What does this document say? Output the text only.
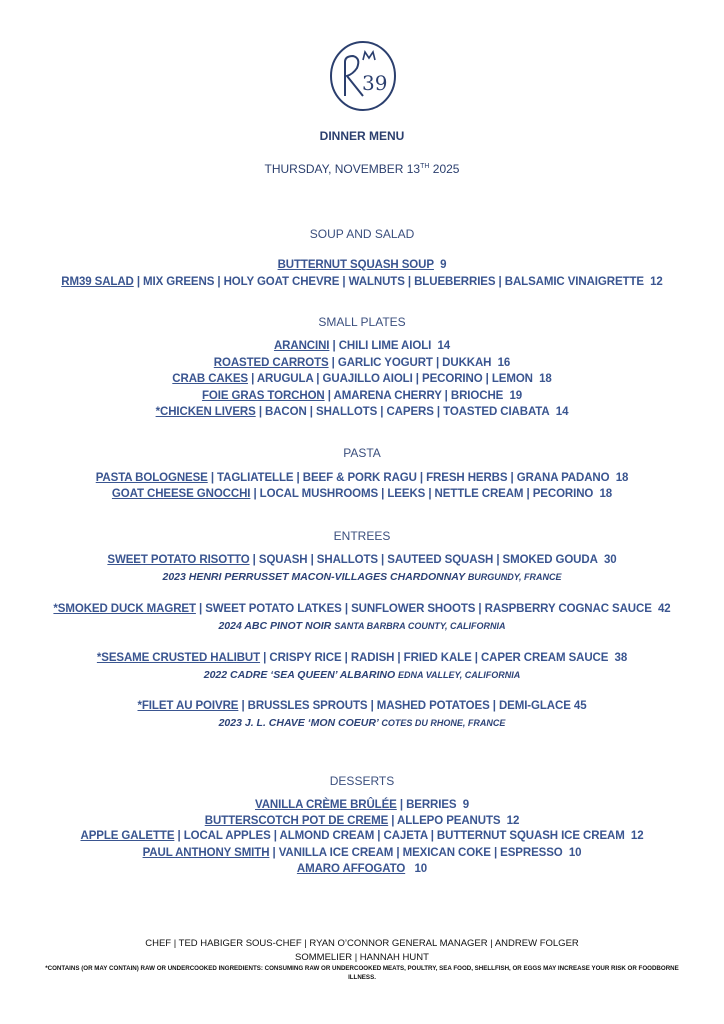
39
DINNER MENU
THURSDAY, NOVEMBER 13TH 2025
SOUP AND SALAD
BUTTERNUT SQUASH SOUP 9
RM39 SALAD | MIX GREENS | HOLY GOAT CHEVRE | WALNUTS | BLUEBERRIES | BALSAMIC VINAIGRETTE 12
SMALL PLATES
ARANCINI | CHILI LIME AIOLI 14
ROASTED CARROTS | GARLIC YOGURT | DUKKAH 16
CRAB CAKES | ARUGULA | GUAJILLO AIOLI | PECORINO | LEMON 18
FOIE GRAS TORCHON | AMARENA CHERRY | BRIOCHE 19
*CHICKEN LIVERS | BACON | SHALLOTS | CAPERS | TOASTED CIABATA 14
PASTA
PASTA BOLOGNESE | TAGLIATELLE | BEEF & PORK RAGU | FRESH HERBS | GRANA PADANO 18
GOAT CHEESE GNOCCHI | LOCAL MUSHROOMS | LEEKS | NETTLE CREAM | PECORINO 18
ENTREES
SWEET POTATO RISOTTO | SQUASH | SHALLOTS | SAUTEED SQUASH | SMOKED GOUDA 30
2023 HENRI PERRUSSET MACON-VILLAGES CHARDONNAY BURGUNDY, FRANCE
*SMOKED DUCK MAGRET | SWEET POTATO LATKES | SUNFLOWER SHOOTS | RASPBERRY COGNAC SAUCE 42
2024 ABC PINOT NOIR SANTA BARBRA COUNTY, CALIFORNIA
*SESAME CRUSTED HALIBUT | CRISPY RICE | RADISH | FRIED KALE | CAPER CREAM SAUCE 38
2022 CADRE ‘SEA QUEEN’ ALBARINO EDNA VALLEY, CALIFORNIA
*FILET AU POIVRE | BRUSSLES SPROUTS | MASHED POTATOES | DEMI-GLACE 45
2023 J. L. CHAVE ‘MON COEUR’ COTES DU RHONE, FRANCE
DESSERTS
VANILLA CRÈME BRÛLÉE | BERRIES 9
BUTTERSCOTCH POT DE CREME | ALLEPO PEANUTS 12
APPLE GALETTE | LOCAL APPLES | ALMOND CREAM | CAJETA | BUTTERNUT SQUASH ICE CREAM 12
PAUL ANTHONY SMITH | VANILLA ICE CREAM | MEXICAN COKE | ESPRESSO 10
AMARO AFFOGATO 10
CHEF | TED HABIGER SOUS-CHEF | RYAN O’CONNOR GENERAL MANAGER | ANDREW FOLGER
SOMMELIER | HANNAH HUNT
*CONTAINS (OR MAY CONTAIN) RAW OR UNDERCOOKED INGREDIENTS: CONSUMING RAW OR UNDERCOOKED MEATS, POULTRY, SEA FOOD, SHELLFISH, OR EGGS MAY INCREASE YOUR RISK OR FOODBORNE ILLNESS.
